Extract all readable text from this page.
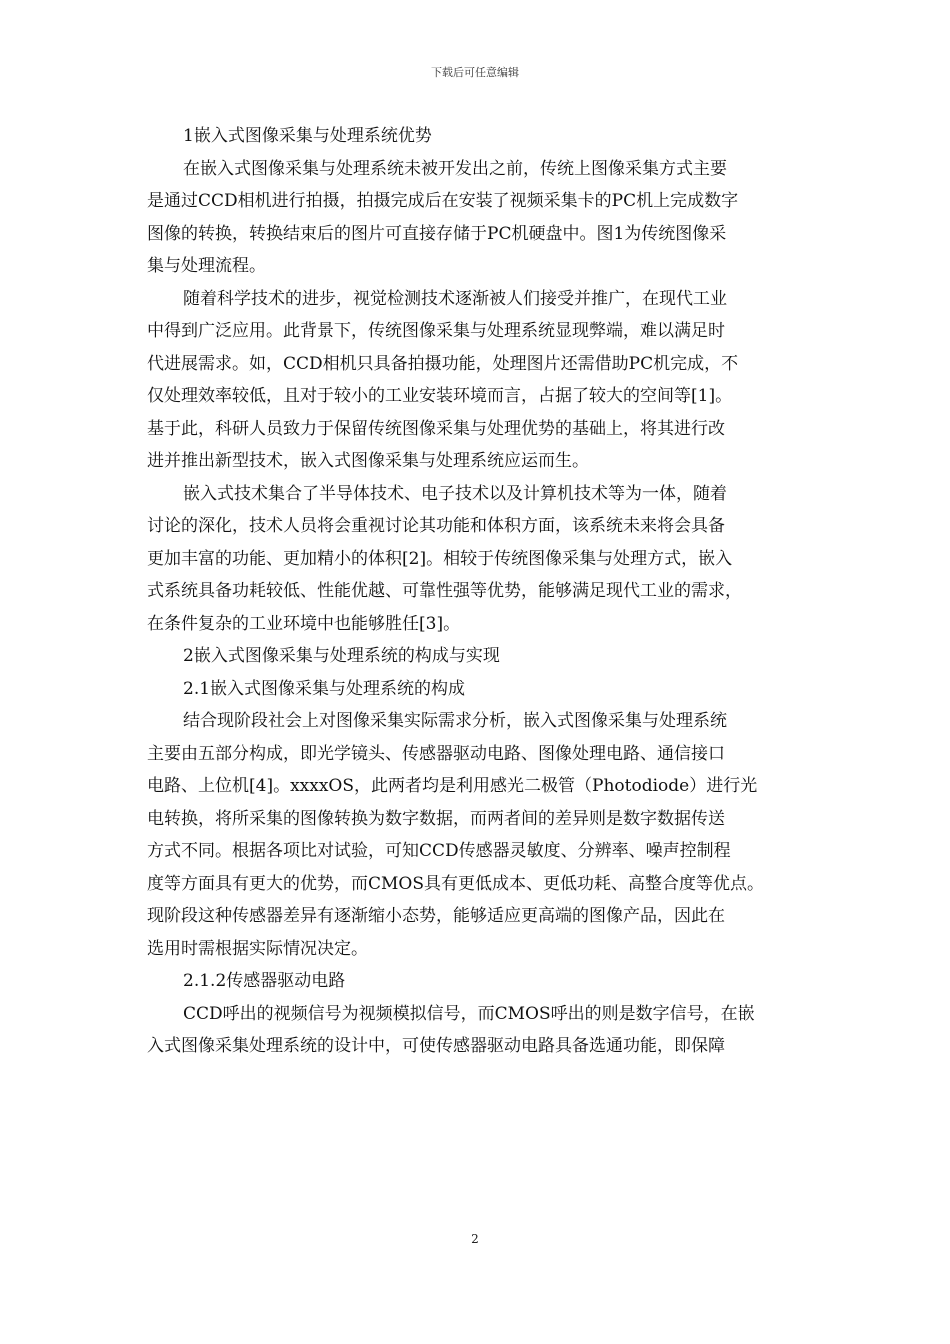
下载后可任意编辑
1嵌入式图像采集与处理系统优势
在嵌入式图像采集与处理系统未被开发出之前，传统上图像采集方式主要
是通过CCD相机进行拍摄，拍摄完成后在安装了视频采集卡的PC机上完成数字
图像的转换，转换结束后的图片可直接存储于PC机硬盘中。图1为传统图像采
集与处理流程。
随着科学技术的进步，视觉检测技术逐渐被人们接受并推广，在现代工业
中得到广泛应用。此背景下，传统图像采集与处理系统显现弊端，难以满足时
代进展需求。如，CCD相机只具备拍摄功能，处理图片还需借助PC机完成，不
仅处理效率较低，且对于较小的工业安装环境而言，占据了较大的空间等[1]。
基于此，科研人员致力于保留传统图像采集与处理优势的基础上，将其进行改
进并推出新型技术，嵌入式图像采集与处理系统应运而生。
嵌入式技术集合了半导体技术、电子技术以及计算机技术等为一体，随着
讨论的深化，技术人员将会重视讨论其功能和体积方面，该系统未来将会具备
更加丰富的功能、更加精小的体积[2]。相较于传统图像采集与处理方式，嵌入
式系统具备功耗较低、性能优越、可靠性强等优势，能够满足现代工业的需求，
在条件复杂的工业环境中也能够胜任[3]。
2嵌入式图像采集与处理系统的构成与实现
2.1嵌入式图像采集与处理系统的构成
结合现阶段社会上对图像采集实际需求分析，嵌入式图像采集与处理系统
主要由五部分构成，即光学镜头、传感器驱动电路、图像处理电路、通信接口
电路、上位机[4]。xxxxOS，此两者均是利用感光二极管（Photodiode）进行光
电转换，将所采集的图像转换为数字数据，而两者间的差异则是数字数据传送
方式不同。根据各项比对试验，可知CCD传感器灵敏度、分辨率、噪声控制程
度等方面具有更大的优势，而CMOS具有更低成本、更低功耗、高整合度等优点。
现阶段这种传感器差异有逐渐缩小态势，能够适应更高端的图像产品，因此在
选用时需根据实际情况决定。
2.1.2传感器驱动电路
CCD呼出的视频信号为视频模拟信号，而CMOS呼出的则是数字信号，在嵌
入式图像采集处理系统的设计中，可使传感器驱动电路具备选通功能，即保障
2
